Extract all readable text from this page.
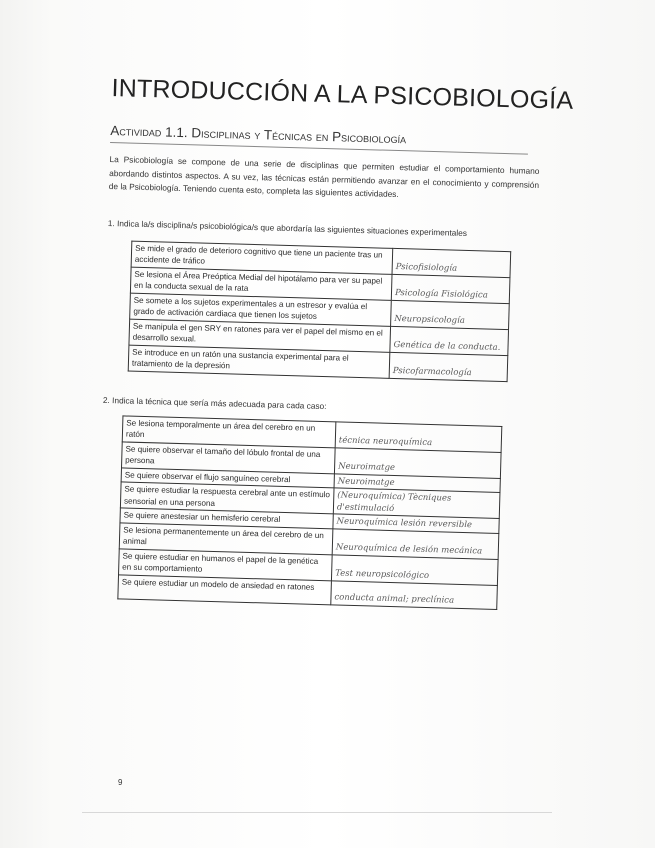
INTRODUCCIÓN A LA PSICOBIOLOGÍA
Actividad 1.1. Disciplinas y Técnicas en Psicobiología
La Psicobiología se compone de una serie de disciplinas que permiten estudiar el comportamiento humano abordando distintos aspectos. A su vez, las técnicas están permitiendo avanzar en el conocimiento y comprensión de la Psicobiología. Teniendo cuenta esto, completa las siguientes actividades.
1. Indica la/s disciplina/s psicobiológica/s que abordaría las siguientes situaciones experimentales
Se mide el grado de deterioro cognitivo que tiene un paciente tras un accidente de tráfico	Psicofisiología
Se lesiona el Área Preóptica Medial del hipotálamo para ver su papel en la conducta sexual de la rata	Psicología Fisiológica
Se somete a los sujetos experimentales a un estresor y evalúa el grado de activación cardiaca que tienen los sujetos	Neuropsicología
Se manipula el gen SRY en ratones para ver el papel del mismo en el desarrollo sexual.	Genética de la conducta.
Se introduce en un ratón una sustancia experimental para el tratamiento de la depresión	Psicofarmacología
2. Indica la técnica que sería más adecuada para cada caso:
Se lesiona temporalmente un área del cerebro en un ratón	técnica neuroquímica
Se quiere observar el tamaño del lóbulo frontal de una persona	Neuroimatge
Se quiere observar el flujo sanguíneo cerebral	Neuroimatge
Se quiere estudiar la respuesta cerebral ante un estímulo sensorial en una persona	(Neuroquímica) Tècniques d'estimulació
Se quiere anestesiar un hemisferio cerebral	Neuroquímica lesión reversible
Se lesiona permanentemente un área del cerebro de un animal	Neuroquímica de lesión mecánica
Se quiere estudiar en humanos el papel de la genética en su comportamiento	Test neuropsicológico
Se quiere estudiar un modelo de ansiedad en ratones	conducta animal; preclínica
9
